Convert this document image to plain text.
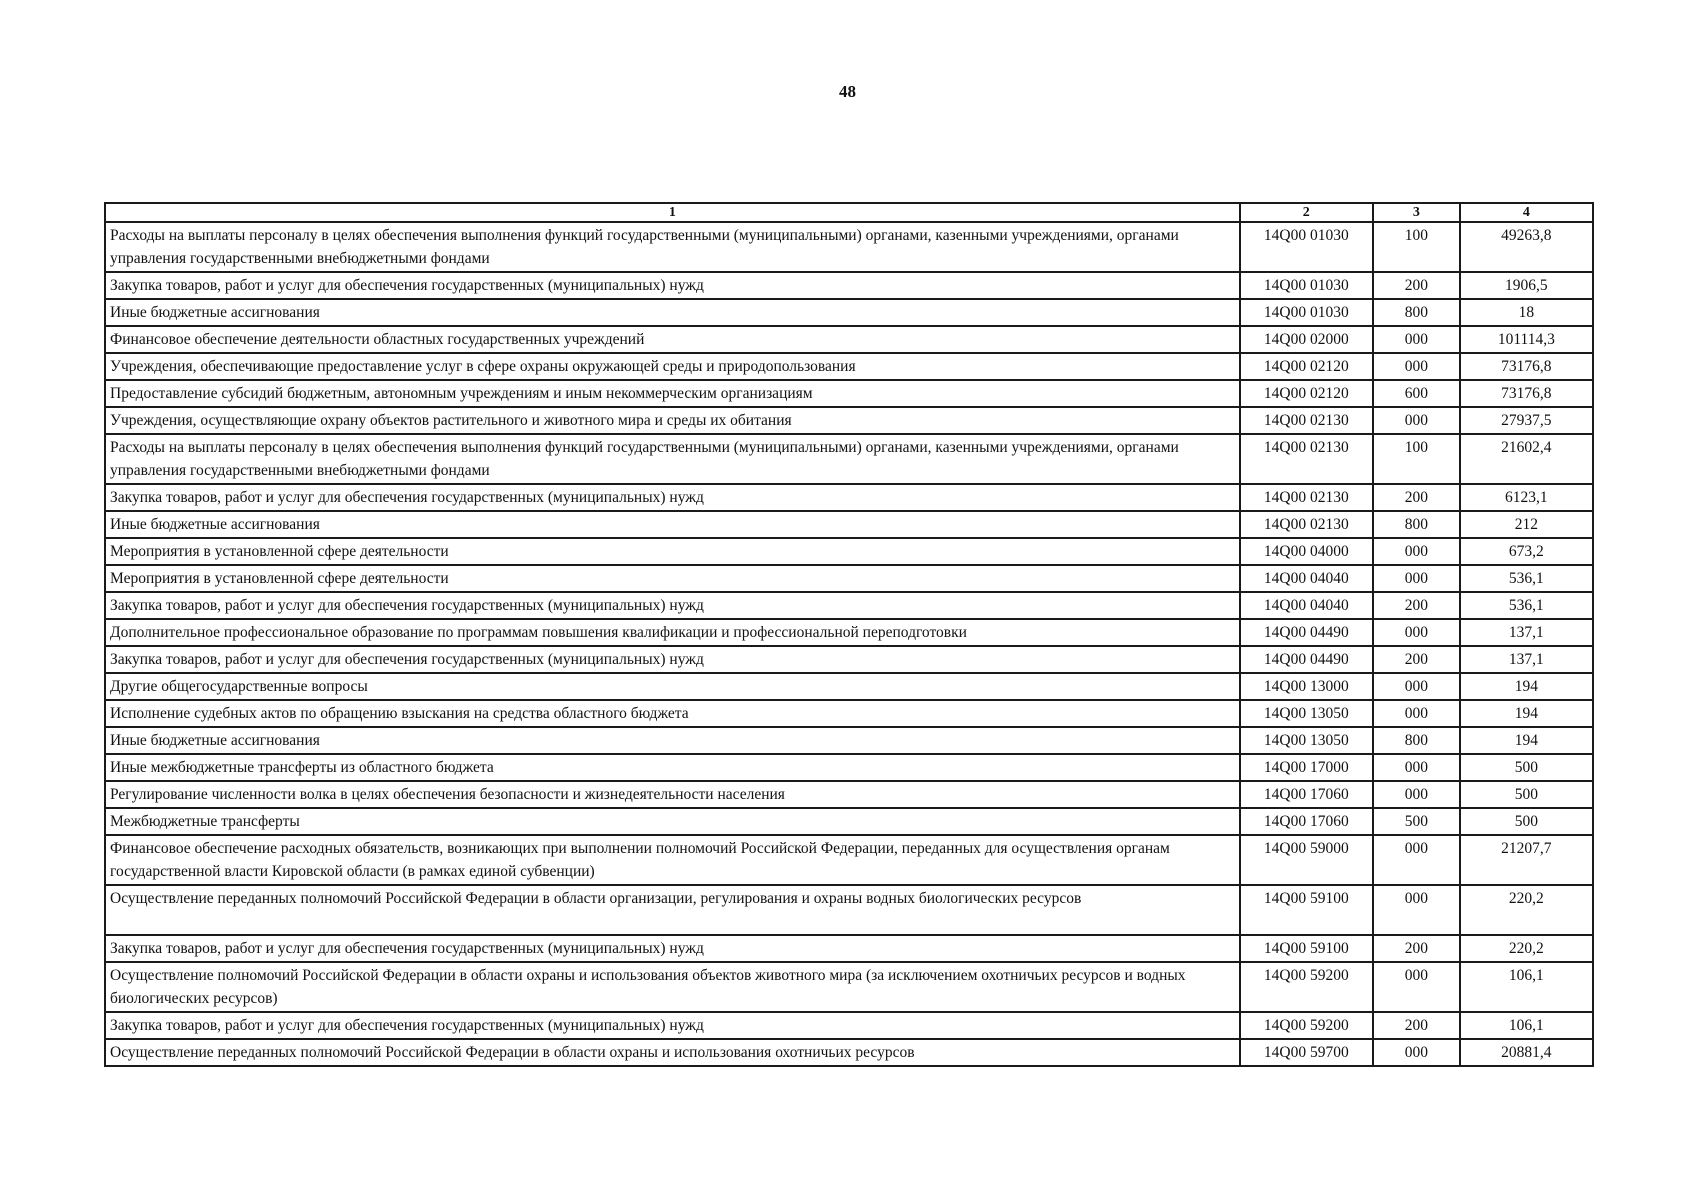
48
1	2	3	4
Расходы на выплаты персоналу в целях обеспечения выполнения функций государственными (муниципальными) органами, казенными учреждениями, органами управления государственными внебюджетными фондами	14Q00 01030	100	49263,8
Закупка товаров, работ и услуг для обеспечения государственных (муниципальных) нужд	14Q00 01030	200	1906,5
Иные бюджетные ассигнования	14Q00 01030	800	18
Финансовое обеспечение деятельности областных государственных учреждений	14Q00 02000	000	101114,3
Учреждения, обеспечивающие предоставление услуг в сфере охраны окружающей среды и природопользования	14Q00 02120	000	73176,8
Предоставление субсидий бюджетным, автономным учреждениям и иным некоммерческим организациям	14Q00 02120	600	73176,8
Учреждения, осуществляющие охрану объектов растительного и животного мира и среды их обитания	14Q00 02130	000	27937,5
Расходы на выплаты персоналу в целях обеспечения выполнения функций государственными (муниципальными) органами, казенными учреждениями, органами управления государственными внебюджетными фондами	14Q00 02130	100	21602,4
Закупка товаров, работ и услуг для обеспечения государственных (муниципальных) нужд	14Q00 02130	200	6123,1
Иные бюджетные ассигнования	14Q00 02130	800	212
Мероприятия в установленной сфере деятельности	14Q00 04000	000	673,2
Мероприятия в установленной сфере деятельности	14Q00 04040	000	536,1
Закупка товаров, работ и услуг для обеспечения государственных (муниципальных) нужд	14Q00 04040	200	536,1
Дополнительное профессиональное образование по программам повышения квалификации и профессиональной переподготовки	14Q00 04490	000	137,1
Закупка товаров, работ и услуг для обеспечения государственных (муниципальных) нужд	14Q00 04490	200	137,1
Другие общегосударственные вопросы	14Q00 13000	000	194
Исполнение судебных актов по обращению взыскания на средства областного бюджета	14Q00 13050	000	194
Иные бюджетные ассигнования	14Q00 13050	800	194
Иные межбюджетные трансферты из областного бюджета	14Q00 17000	000	500
Регулирование численности волка в целях обеспечения безопасности и жизнедеятельности населения	14Q00 17060	000	500
Межбюджетные трансферты	14Q00 17060	500	500
Финансовое обеспечение расходных обязательств, возникающих при выполнении полномочий Российской Федерации, переданных для осуществления органам государственной власти Кировской области (в рамках единой субвенции)	14Q00 59000	000	21207,7
Осуществление переданных полномочий Российской Федерации в области организации, регулирования и охраны водных биологических ресурсов	14Q00 59100	000	220,2
Закупка товаров, работ и услуг для обеспечения государственных (муниципальных) нужд	14Q00 59100	200	220,2
Осуществление полномочий Российской Федерации в области охраны и использования объектов животного мира (за исключением охотничьих ресурсов и водных биологических ресурсов)	14Q00 59200	000	106,1
Закупка товаров, работ и услуг для обеспечения государственных (муниципальных) нужд	14Q00 59200	200	106,1
Осуществление переданных полномочий Российской Федерации в области охраны и использования охотничьих ресурсов	14Q00 59700	000	20881,4
